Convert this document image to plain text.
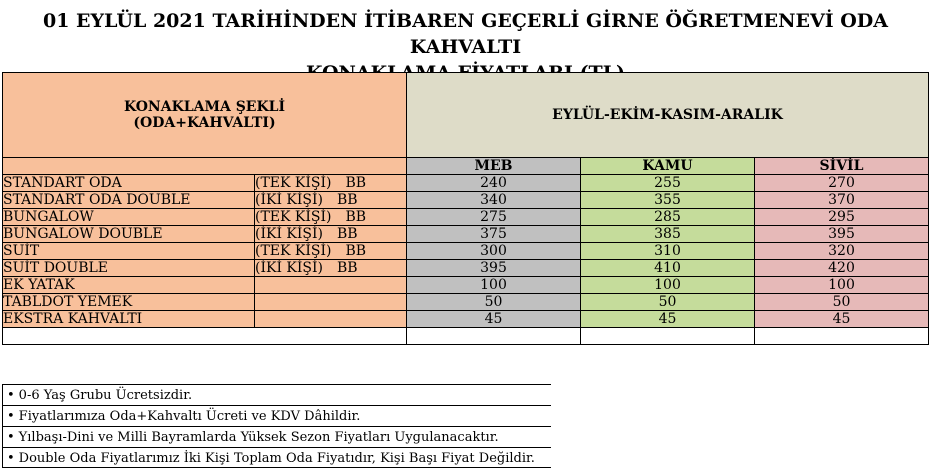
01 EYLÜL 2021 TARİHİNDEN İTİBAREN GEÇERLİ GİRNE ÖĞRETMENEVİ ODA KAHVALTI
KONAKLAMA ŞEKLİ
(ODA+KAHVALTI)		EYLÜL-EKİM-KASIM-ARALIK		

		MEB	KAMU	SİVİL
STANDART ODA	(TEK KİŞİ) BB	240	255	270
STANDART ODA DOUBLE	(İKİ KİŞİ) BB	340	355	370
BUNGALOW	(TEK KİŞİ) BB	275	285	295
BUNGALOW DOUBLE	(İKİ KİŞİ) BB	375	385	395
SUİT	(TEK KİŞİ) BB	300	310	320
SUİT DOUBLE	(İKİ KİŞİ) BB	395	410	420
EK YATAK		100	100	100
TABLDOT YEMEK		50	50	50
EKSTRA KAHVALTI		45	45	45

• 0-6 Yaş Grubu Ücretsizdir.
• Fiyatlarımıza Oda+Kahvaltı Ücreti ve KDV Dâhildir.
• Yılbaşı-Dini ve Milli Bayramlarda Yüksek Sezon Fiyatları Uygulanacaktır.
• Double Oda Fiyatlarımız İki Kişi Toplam Oda Fiyatıdır, Kişi Başı Fiyat Değildir.
